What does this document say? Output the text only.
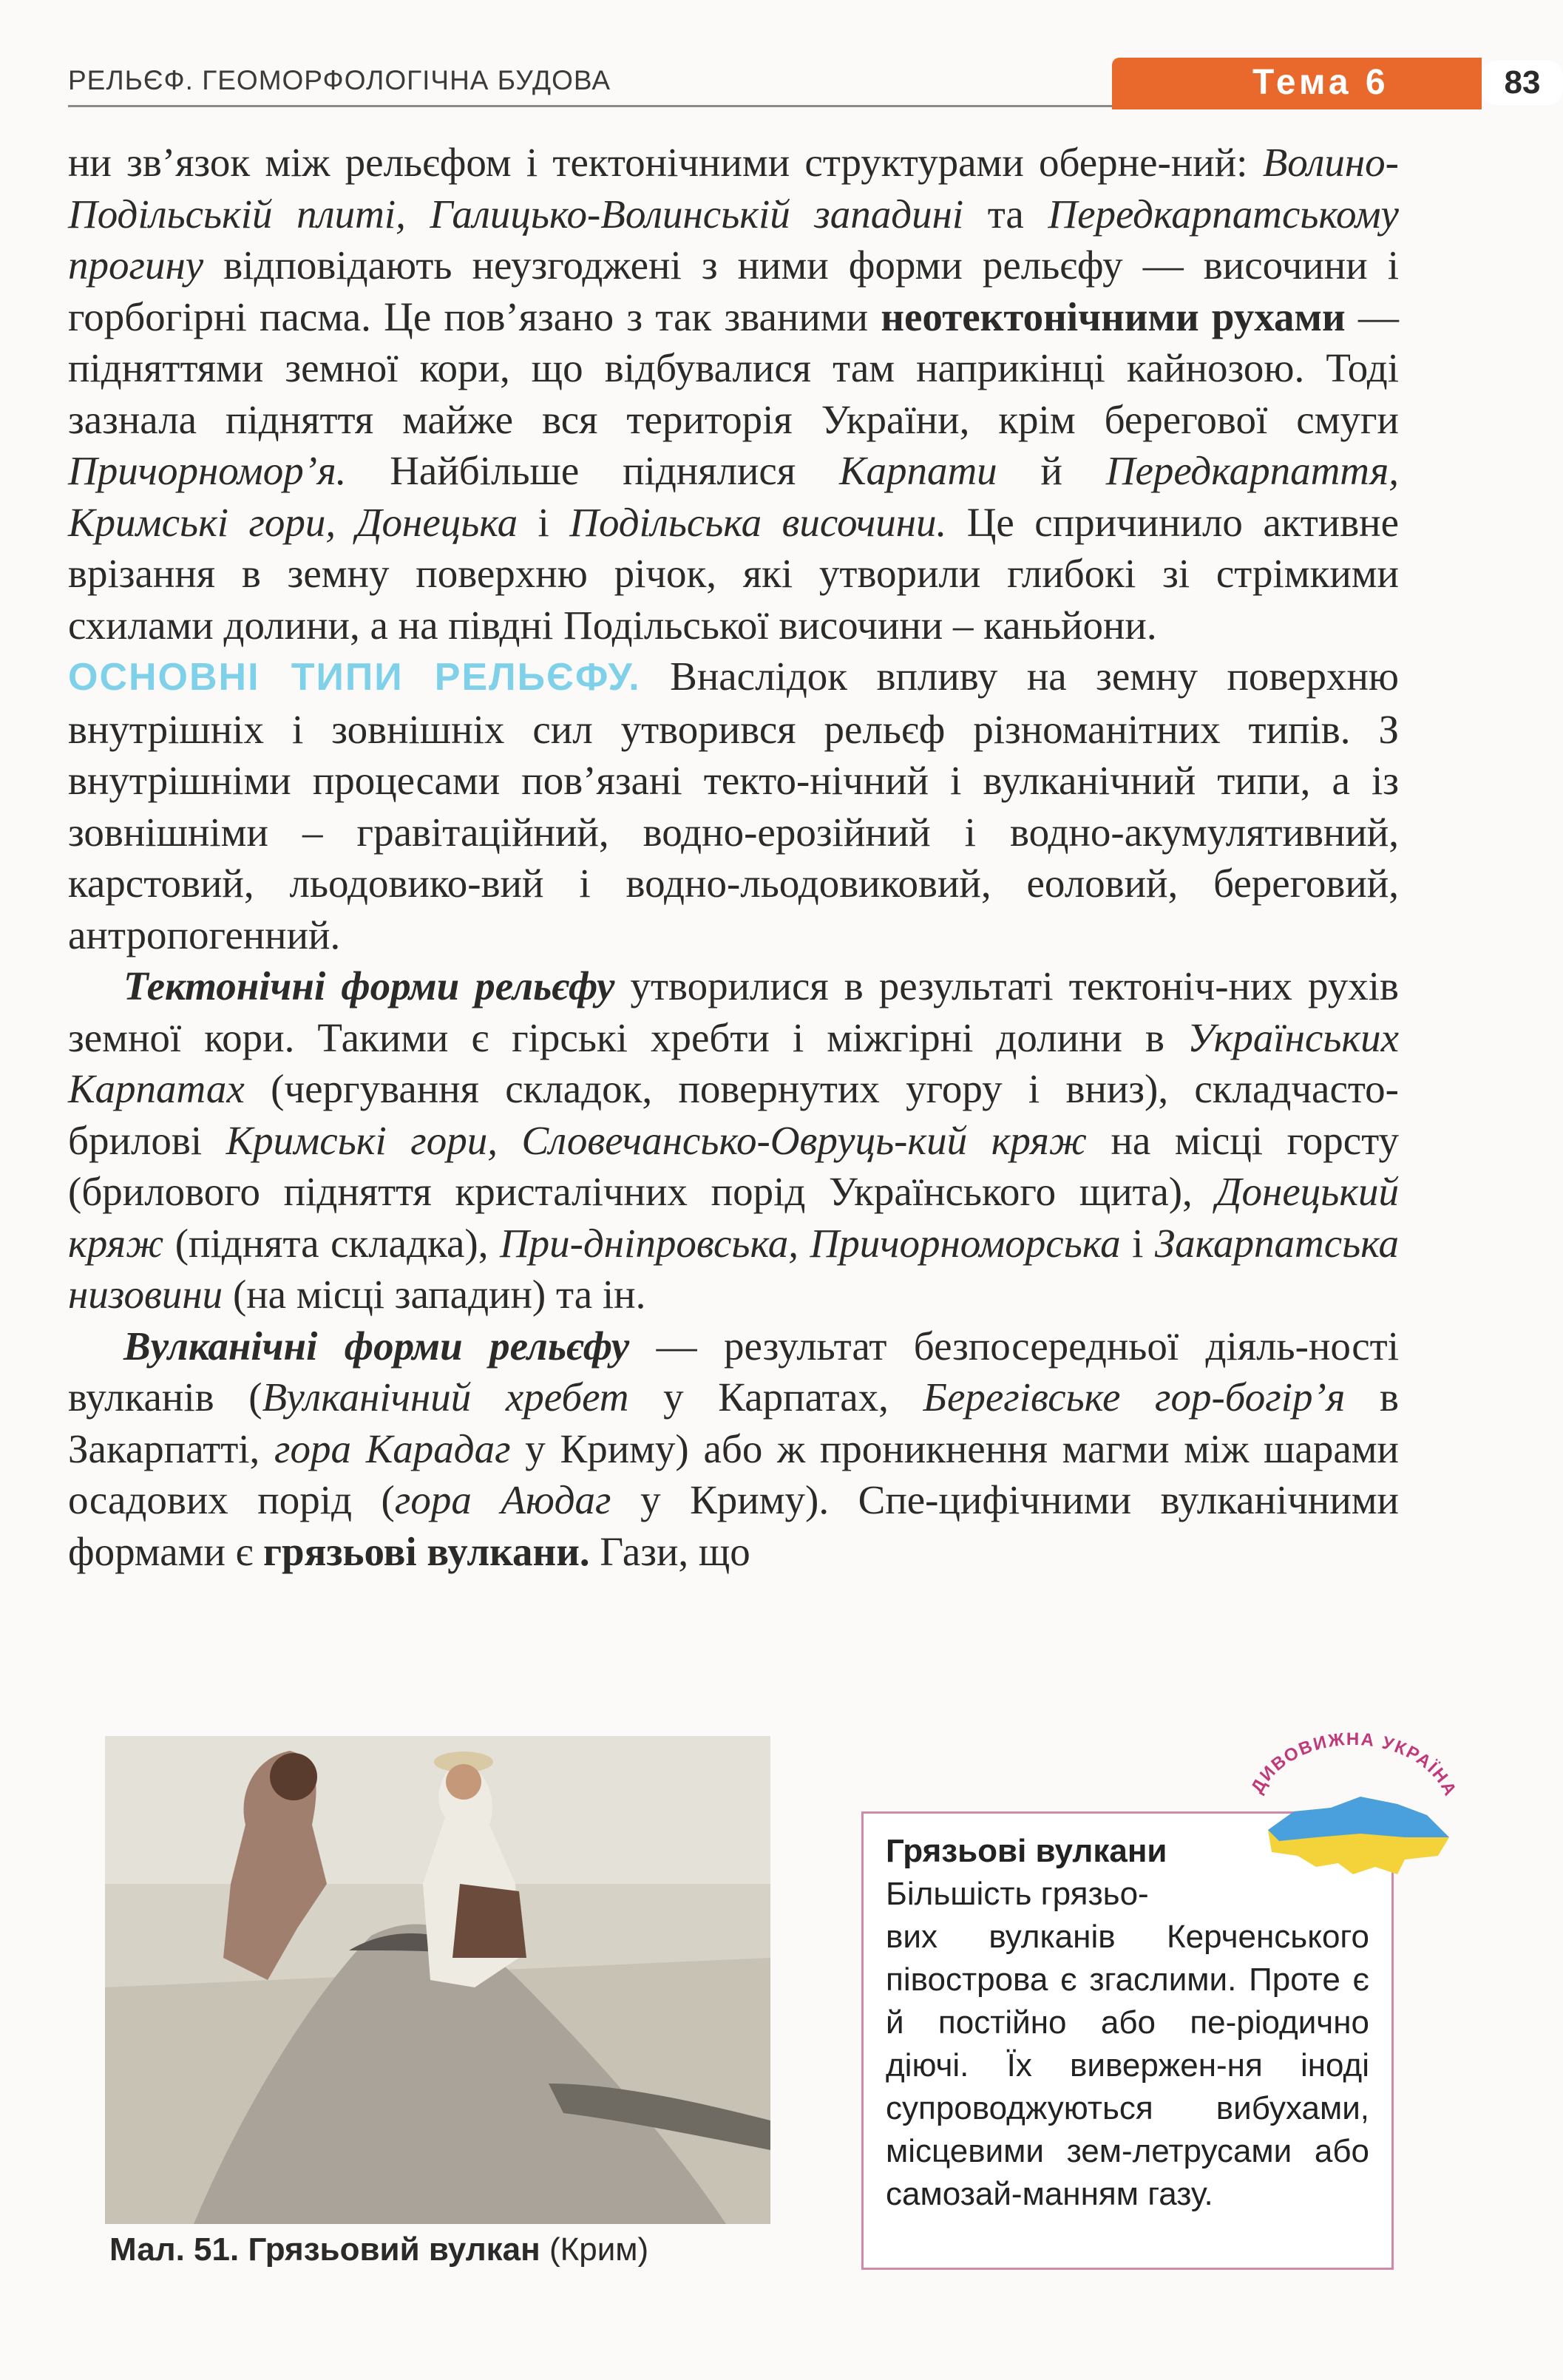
РЕЛЬЄФ. ГЕОМОРФОЛОГІЧНА БУДОВА	Тема 6	83

ни зв’язок між рельєфом і тектонічними структурами оберне-ний: Волино-Подільській плиті, Галицько-Волинській западині та Передкарпатському прогину відповідають неузгоджені з ними форми рельєфу — височини і горбогірні пасма. Це пов’язано з так званими неотектонічними рухами — підняттями земної кори, що відбувалися там наприкінці кайнозою. Тоді зазнала підняття майже вся територія України, крім берегової смуги Причорномор’я. Найбільше піднялися Карпати й Передкарпаття, Кримські гори, Донецька і Подільська височини. Це спричинило активне врізання в земну поверхню річок, які утворили глибокі зі стрімкими схилами долини, а на півдні Подільської височини – каньйони.

ОСНОВНІ ТИПИ РЕЛЬЄФУ. Внаслідок впливу на земну поверхню внутрішніх і зовнішніх сил утворився рельєф різноманітних типів. З внутрішніми процесами пов’язані текто-нічний і вулканічний типи, а із зовнішніми – гравітаційний, водно-ерозійний і водно-акумулятивний, карстовий, льодовико-вий і водно-льодовиковий, еоловий, береговий, антропогенний.

Тектонічні форми рельєфу утворилися в результаті тектоніч-них рухів земної кори. Такими є гірські хребти і міжгірні долини в Українських Карпатах (чергування складок, повернутих угору і вниз), складчасто-брилові Кримські гори, Словечансько-Овруць-кий кряж на місці горсту (брилового підняття кристалічних порід Українського щита), Донецький кряж (піднята складка), При-дніпровська, Причорноморська і Закарпатська низовини (на місці западин) та ін.

Вулканічні форми рельєфу — результат безпосередньої діяль-ності вулканів (Вулканічний хребет у Карпатах, Берегівське гор-богір’я в Закарпатті, гора Карадаг у Криму) або ж проникнення магми між шарами осадових порід (гора Аюдаг у Криму). Спе-цифічними вулканічними формами є грязьові вулкани. Гази, що

Мал. 51. Грязьовий вулкан (Крим)
Грязьові вулкани
Більшість грязьо-
вих вулканів Керченського півострова є згаслими. Проте є й постійно або пе-ріодично діючі. Їх вивержен-ня іноді супроводжуються вибухами, місцевими зем-летрусами або самозай-манням газу.
ДИВОВИЖНА УКРАЇНА
